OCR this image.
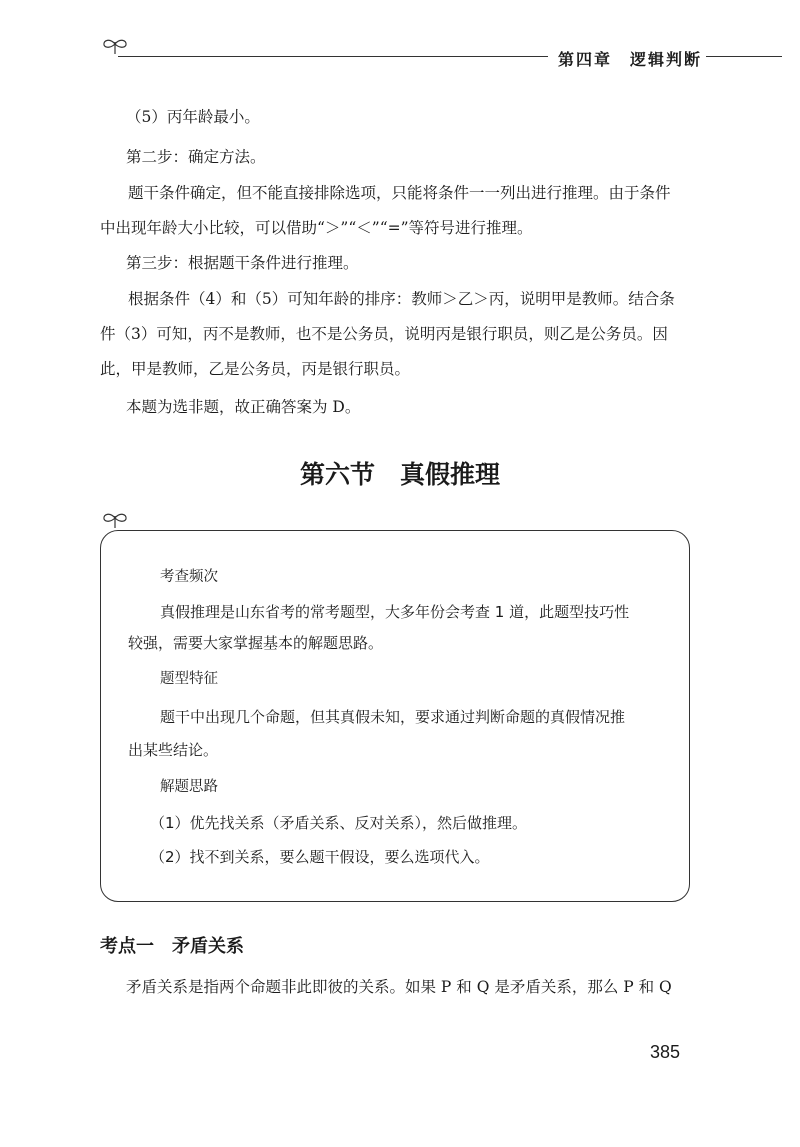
第四章　逻辑判断
（5）丙年龄最小。
第二步：确定方法。
题干条件确定，但不能直接排除选项，只能将条件一一列出进行推理。由于条件
中出现年龄大小比较，可以借助“＞”“＜”“=”等符号进行推理。
第三步：根据题干条件进行推理。
根据条件（4）和（5）可知年龄的排序：教师＞乙＞丙，说明甲是教师。结合条
件（3）可知，丙不是教师，也不是公务员，说明丙是银行职员，则乙是公务员。因
此，甲是教师，乙是公务员，丙是银行职员。
本题为选非题，故正确答案为 D。
第六节　真假推理
考查频次
真假推理是山东省考的常考题型，大多年份会考查 1 道，此题型技巧性
较强，需要大家掌握基本的解题思路。
题型特征
题干中出现几个命题，但其真假未知，要求通过判断命题的真假情况推
出某些结论。
解题思路
（1）优先找关系（矛盾关系、反对关系），然后做推理。
（2）找不到关系，要么题干假设，要么选项代入。
考点一　矛盾关系
矛盾关系是指两个命题非此即彼的关系。如果 P 和 Q 是矛盾关系，那么 P 和 Q
385
